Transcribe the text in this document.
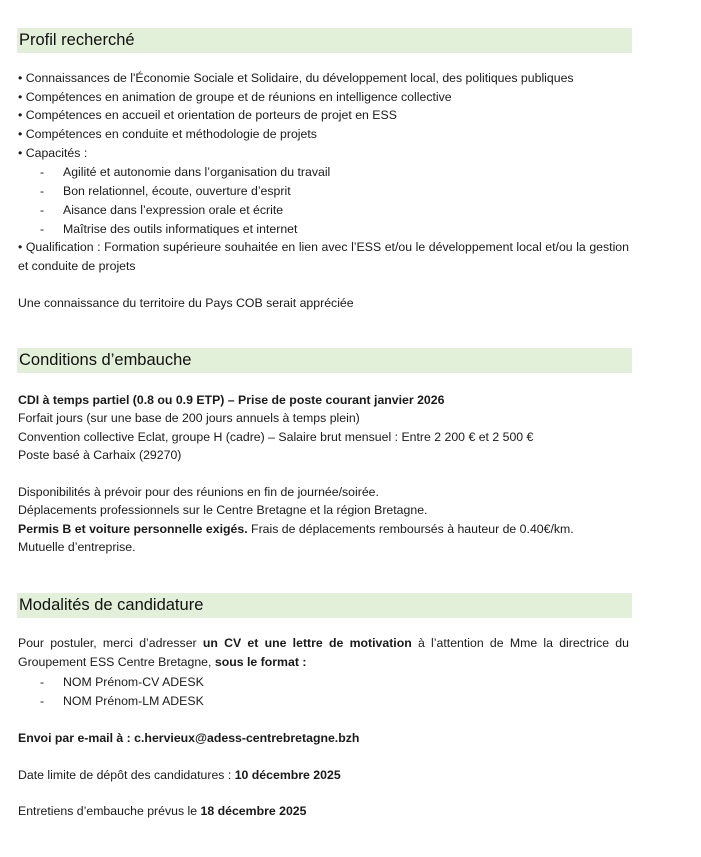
Profil recherché
• Connaissances de l'Économie Sociale et Solidaire, du développement local, des politiques publiques
• Compétences en animation de groupe et de réunions en intelligence collective
• Compétences en accueil et orientation de porteurs de projet en ESS
• Compétences en conduite et méthodologie de projets
• Capacités :
- Agilité et autonomie dans l’organisation du travail
- Bon relationnel, écoute, ouverture d’esprit
- Aisance dans l’expression orale et écrite
- Maîtrise des outils informatiques et internet
• Qualification : Formation supérieure souhaitée en lien avec l’ESS et/ou le développement local et/ou la gestion et conduite de projets
Une connaissance du territoire du Pays COB serait appréciée
Conditions d’embauche
CDI à temps partiel (0.8 ou 0.9 ETP) – Prise de poste courant janvier 2026
Forfait jours (sur une base de 200 jours annuels à temps plein)
Convention collective Eclat, groupe H (cadre) – Salaire brut mensuel : Entre 2 200 € et 2 500 €
Poste basé à Carhaix (29270)
Disponibilités à prévoir pour des réunions en fin de journée/soirée.
Déplacements professionnels sur le Centre Bretagne et la région Bretagne.
Permis B et voiture personnelle exigés. Frais de déplacements remboursés à hauteur de 0.40€/km.
Mutuelle d’entreprise.
Modalités de candidature
Pour postuler, merci d’adresser un CV et une lettre de motivation à l’attention de Mme la directrice du Groupement ESS Centre Bretagne, sous le format :
- NOM Prénom-CV ADESK
- NOM Prénom-LM ADESK
Envoi par e-mail à : c.hervieux@adess-centrebretagne.bzh
Date limite de dépôt des candidatures : 10 décembre 2025
Entretiens d’embauche prévus le 18 décembre 2025
